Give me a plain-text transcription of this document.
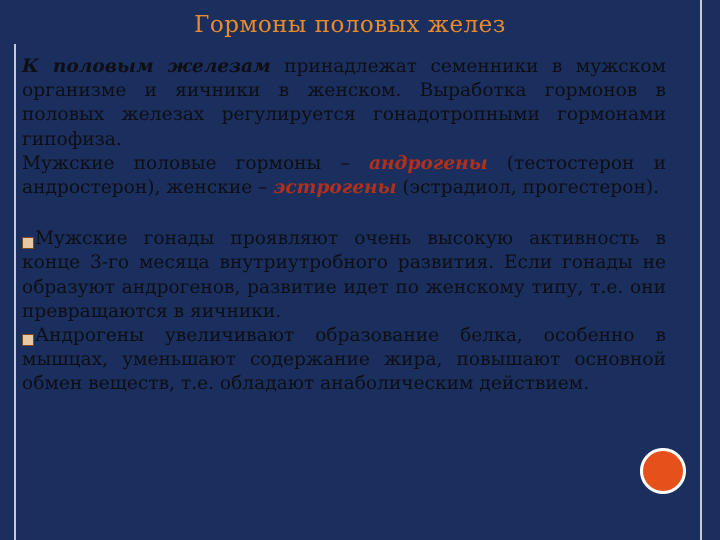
Гормоны половых желез

К половым железам принадлежат семенники в мужском организме и яичники в женском. Выработка гормонов в половых железах регулируется гонадотропными гормонами гипофиза.

Мужские половые гормоны – андрогены (тестостерон и андростерон), женские – эстрогены (эстрадиол, прогестерон).

Мужские гонады проявляют очень высокую активность в конце 3-го месяца внутриутробного развития. Если гонады не образуют андрогенов, развитие идет по женскому типу, т.е. они превращаются в яичники.

Андрогены увеличивают образование белка, особенно в мышцах, уменьшают содержание жира, повышают основной обмен веществ, т.е. обладают анаболическим действием.
